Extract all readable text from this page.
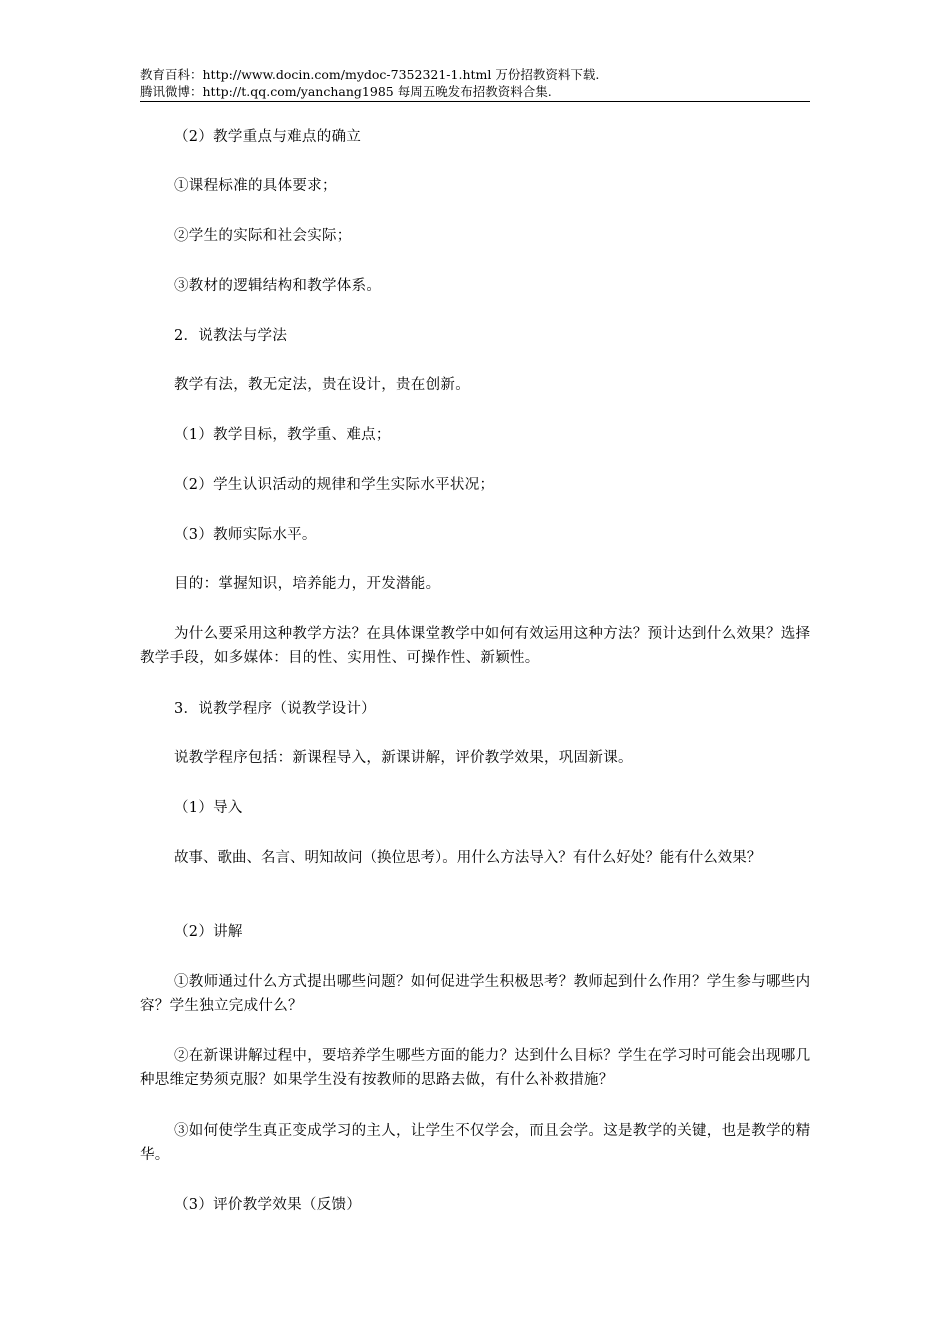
教育百科：http://www.docin.com/mydoc-7352321-1.html 万份招教资料下载.
腾讯微博：http://t.qq.com/yanchang1985 每周五晚发布招教资料合集.

（2）教学重点与难点的确立

①课程标准的具体要求；

②学生的实际和社会实际；

③教材的逻辑结构和教学体系。

2．说教法与学法

教学有法，教无定法，贵在设计，贵在创新。

（1）教学目标，教学重、难点；

（2）学生认识活动的规律和学生实际水平状况；

（3）教师实际水平。

目的：掌握知识，培养能力，开发潜能。

为什么要采用这种教学方法？在具体课堂教学中如何有效运用这种方法？预计达到什么效果？选择教学手段，如多媒体：目的性、实用性、可操作性、新颖性。

3．说教学程序（说教学设计）

说教学程序包括：新课程导入，新课讲解，评价教学效果，巩固新课。

（1）导入

故事、歌曲、名言、明知故问（换位思考）。用什么方法导入？有什么好处？能有什么效果？

（2）讲解

①教师通过什么方式提出哪些问题？如何促进学生积极思考？教师起到什么作用？学生参与哪些内容？学生独立完成什么？

②在新课讲解过程中，要培养学生哪些方面的能力？达到什么目标？学生在学习时可能会出现哪几种思维定势须克服？如果学生没有按教师的思路去做，有什么补救措施？

③如何使学生真正变成学习的主人，让学生不仅学会，而且会学。这是教学的关键，也是教学的精华。

（3）评价教学效果（反馈）
